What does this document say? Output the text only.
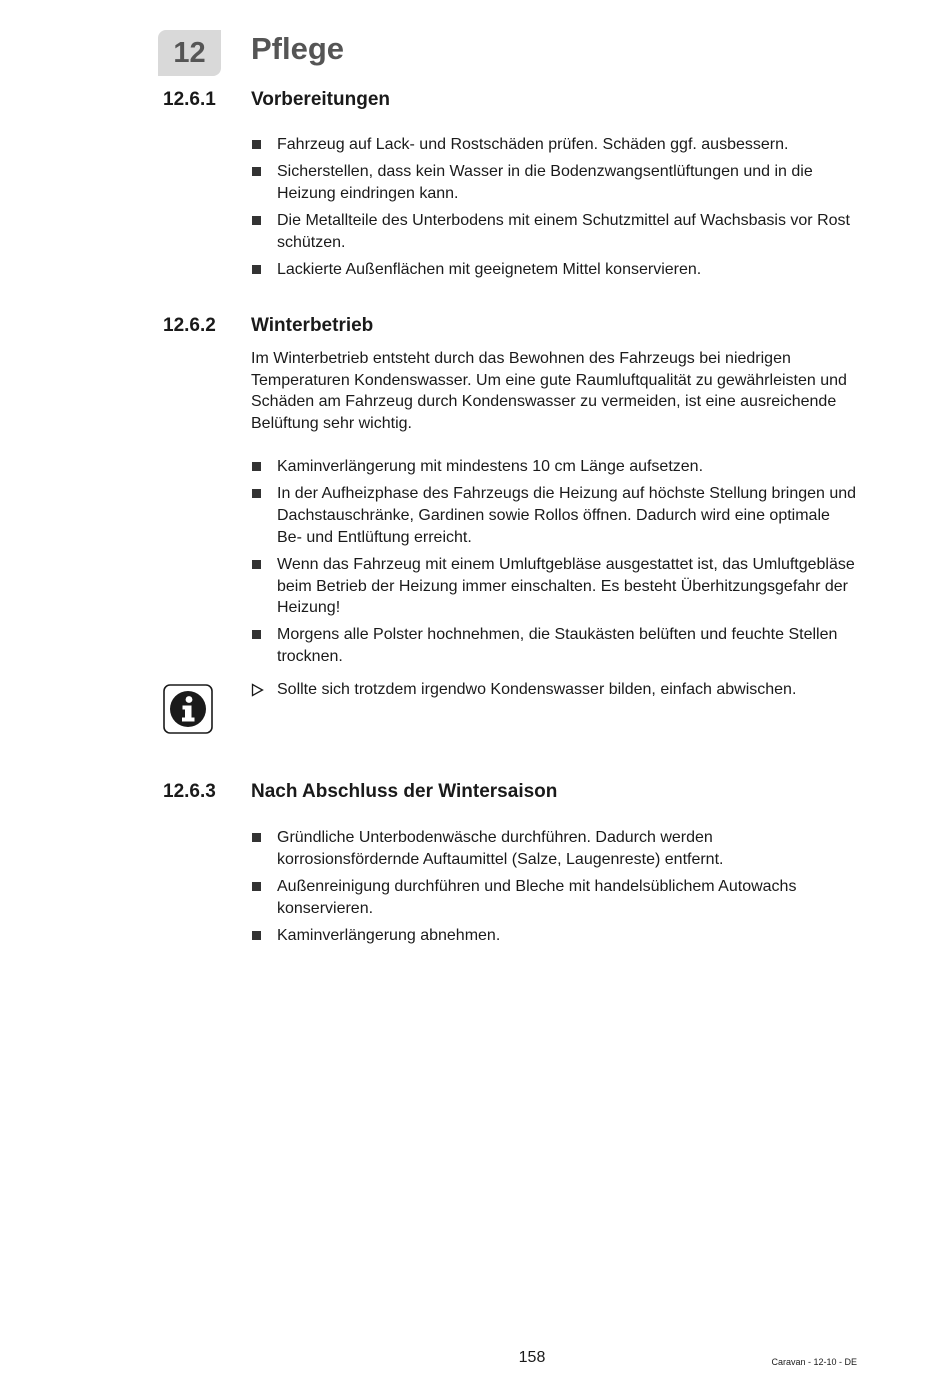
12 Pflege
12.6.1 Vorbereitungen
Fahrzeug auf Lack- und Rostschäden prüfen. Schäden ggf. ausbessern.
Sicherstellen, dass kein Wasser in die Bodenzwangsentlüftungen und in die Heizung eindringen kann.
Die Metallteile des Unterbodens mit einem Schutzmittel auf Wachsbasis vor Rost schützen.
Lackierte Außenflächen mit geeignetem Mittel konservieren.
12.6.2 Winterbetrieb

Im Winterbetrieb entsteht durch das Bewohnen des Fahrzeugs bei niedrigen Temperaturen Kondenswasser. Um eine gute Raumluftqualität zu gewährleisten und Schäden am Fahrzeug durch Kondenswasser zu vermeiden, ist eine ausreichende Belüftung sehr wichtig.

Kaminverlängerung mit mindestens 10 cm Länge aufsetzen.
In der Aufheizphase des Fahrzeugs die Heizung auf höchste Stellung bringen und Dachstauschränke, Gardinen sowie Rollos öffnen. Dadurch wird eine optimale Be- und Entlüftung erreicht.
Wenn das Fahrzeug mit einem Umluftgebläse ausgestattet ist, das Umluftgebläse beim Betrieb der Heizung immer einschalten. Es besteht Überhitzungsgefahr der Heizung!
Morgens alle Polster hochnehmen, die Staukästen belüften und feuchte Stellen trocknen.
Sollte sich trotzdem irgendwo Kondenswasser bilden, einfach abwischen.
12.6.3 Nach Abschluss der Wintersaison
Gründliche Unterbodenwäsche durchführen. Dadurch werden korrosionsfördernde Auftaumittel (Salze, Laugenreste) entfernt.
Außenreinigung durchführen und Bleche mit handelsüblichem Autowachs konservieren.
Kaminverlängerung abnehmen.
158	Caravan - 12-10 - DE
